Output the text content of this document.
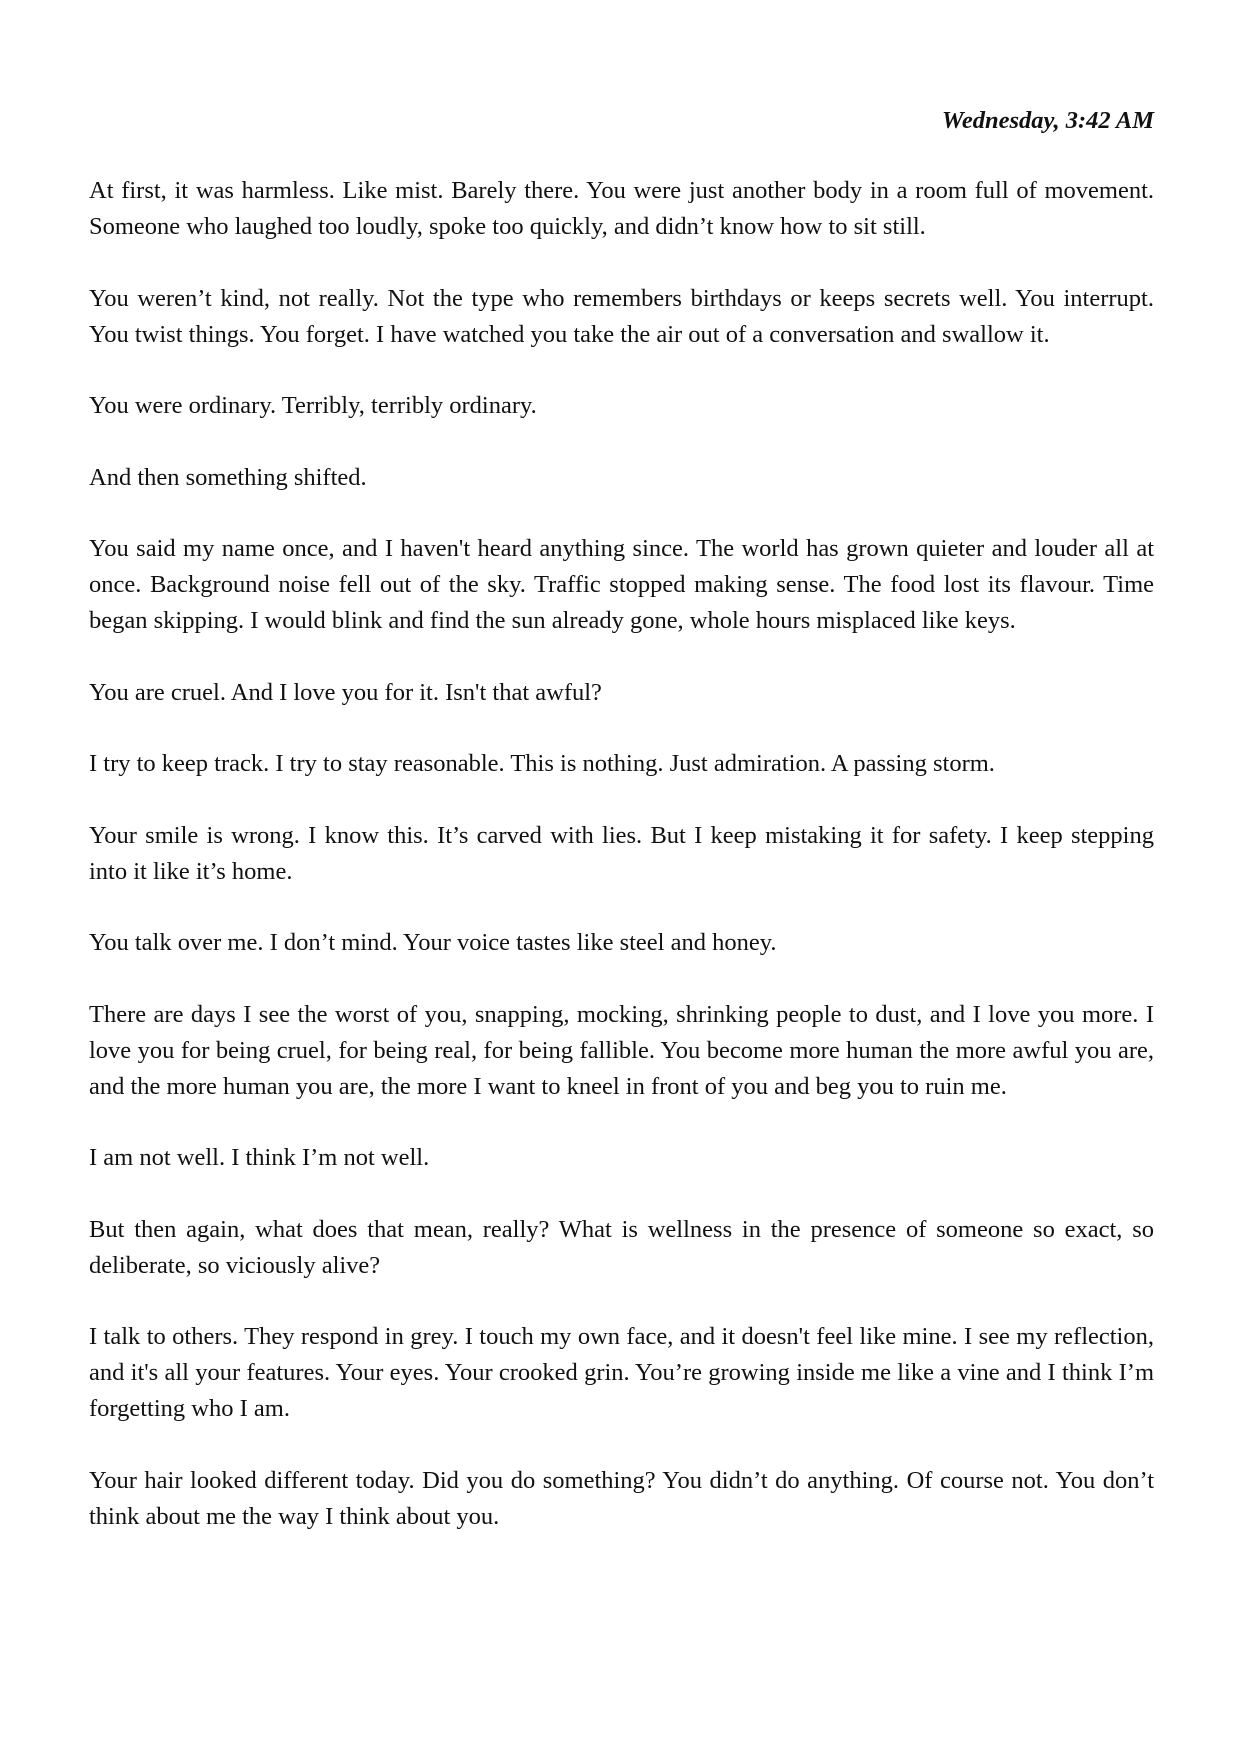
Wednesday, 3:42 AM

At first, it was harmless. Like mist. Barely there. You were just another body in a room full of movement. Someone who laughed too loudly, spoke too quickly, and didn’t know how to sit still.

You weren’t kind, not really. Not the type who remembers birthdays or keeps secrets well. You interrupt. You twist things. You forget. I have watched you take the air out of a conversation and swallow it.

You were ordinary. Terribly, terribly ordinary.

And then something shifted.

You said my name once, and I haven't heard anything since. The world has grown quieter and louder all at once. Background noise fell out of the sky. Traffic stopped making sense. The food lost its flavour. Time began skipping. I would blink and find the sun already gone, whole hours misplaced like keys.

You are cruel. And I love you for it. Isn't that awful?

I try to keep track. I try to stay reasonable. This is nothing. Just admiration. A passing storm.

Your smile is wrong. I know this. It’s carved with lies. But I keep mistaking it for safety. I keep stepping into it like it’s home.

You talk over me. I don’t mind. Your voice tastes like steel and honey.

There are days I see the worst of you, snapping, mocking, shrinking people to dust, and I love you more. I love you for being cruel, for being real, for being fallible. You become more human the more awful you are, and the more human you are, the more I want to kneel in front of you and beg you to ruin me.

I am not well. I think I’m not well.

But then again, what does that mean, really? What is wellness in the presence of someone so exact, so deliberate, so viciously alive?

I talk to others. They respond in grey. I touch my own face, and it doesn't feel like mine. I see my reflection, and it's all your features. Your eyes. Your crooked grin. You’re growing inside me like a vine and I think I’m forgetting who I am.

Your hair looked different today. Did you do something? You didn’t do anything. Of course not. You don’t think about me the way I think about you.
